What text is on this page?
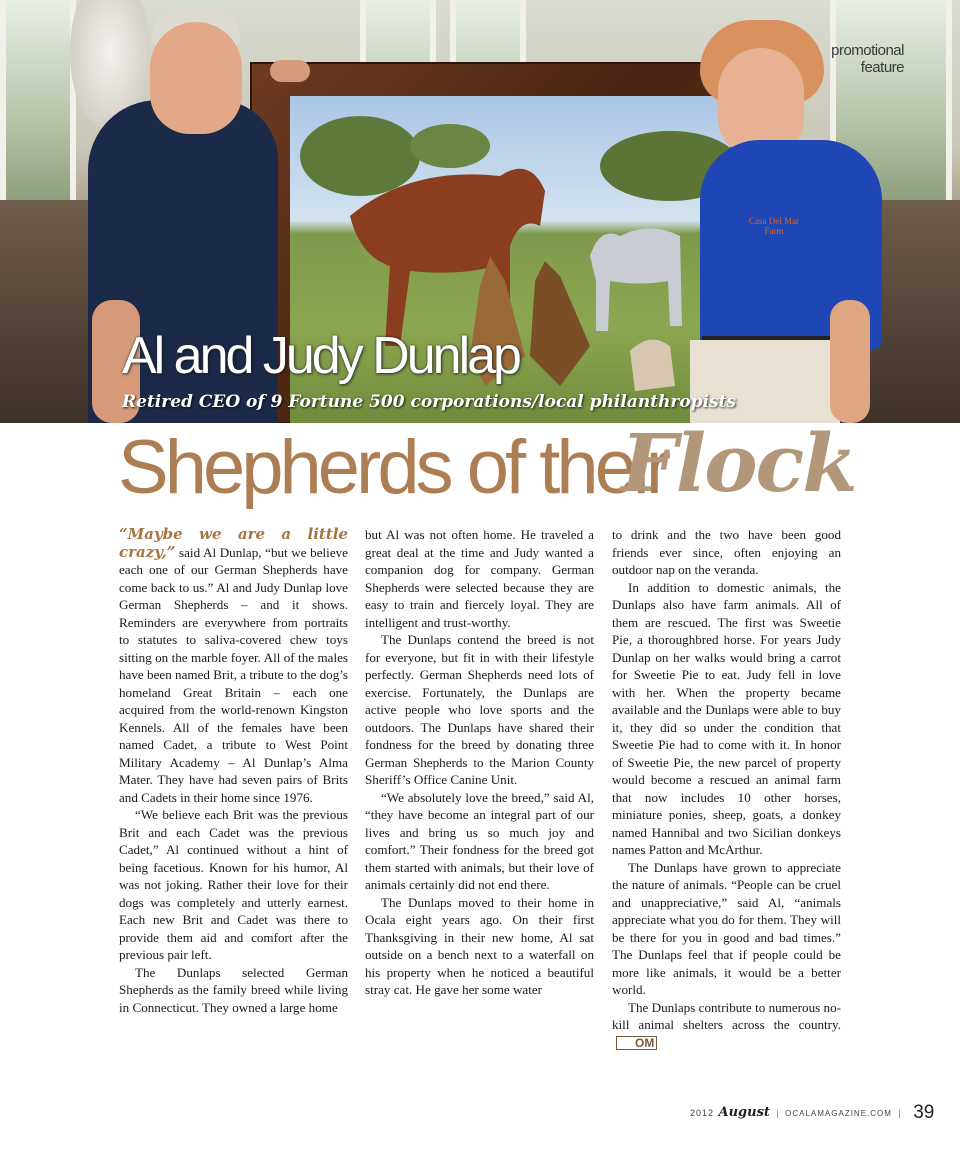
Casa Del Mar
Farm
promotional
feature
Al and Judy Dunlap
Retired CEO of 9 Fortune 500 corporations/local philanthropists
Shepherds of their
Flock

“Maybe we are a little crazy,” said Al Dunlap, “but we believe each one of our German Shepherds have come back to us.” Al and Judy Dunlap love German Shepherds – and it shows. Reminders are everywhere from portraits to statutes to saliva-covered chew toys sitting on the marble foyer. All of the males have been named Brit, a tribute to the dog’s homeland Great Britain – each one acquired from the world-renown Kingston Kennels. All of the females have been named Cadet, a tribute to West Point Military Academy – Al Dunlap’s Alma Mater. They have had seven pairs of Brits and Cadets in their home since 1976.

“We believe each Brit was the previous Brit and each Cadet was the previous Cadet,” Al continued without a hint of being facetious. Known for his humor, Al was not joking. Rather their love for their dogs was completely and utterly earnest. Each new Brit and Cadet was there to provide them aid and comfort after the previous pair left.

The Dunlaps selected German Shepherds as the family breed while living in Connecticut. They owned a large home

but Al was not often home. He traveled a great deal at the time and Judy wanted a companion dog for company. German Shepherds were selected because they are easy to train and fiercely loyal. They are intelligent and trust-worthy.

The Dunlaps contend the breed is not for everyone, but fit in with their lifestyle perfectly. German Shepherds need lots of exercise. Fortunately, the Dunlaps are active people who love sports and the outdoors. The Dunlaps have shared their fondness for the breed by donating three German Shepherds to the Marion County Sheriff’s Office Canine Unit.

“We absolutely love the breed,” said Al, “they have become an integral part of our lives and bring us so much joy and comfort.” Their fondness for the breed got them started with animals, but their love of animals certainly did not end there.

The Dunlaps moved to their home in Ocala eight years ago. On their first Thanksgiving in their new home, Al sat outside on a bench next to a waterfall on his property when he noticed a beautiful stray cat. He gave her some water

to drink and the two have been good friends ever since, often enjoying an outdoor nap on the veranda.

In addition to domestic animals, the Dunlaps also have farm animals. All of them are rescued. The first was Sweetie Pie, a thoroughbred horse. For years Judy Dunlap on her walks would bring a carrot for Sweetie Pie to eat. Judy fell in love with her. When the property became available and the Dunlaps were able to buy it, they did so under the condition that Sweetie Pie had to come with it. In honor of Sweetie Pie, the new parcel of property would become a rescued an animal farm that now includes 10 other horses, miniature ponies, sheep, goats, a donkey named Hannibal and two Sicilian donkeys names Patton and McArthur.

The Dunlaps have grown to appreciate the nature of animals. “People can be cruel and unappreciative,” said Al, “animals appreciate what you do for them. They will be there for you in good and bad times.” The Dunlaps feel that if people could be more like animals, it would be a better world.

The Dunlaps contribute to numerous no-kill animal shelters across the country.OM

2012 August | OCALAMAGAZINE.COM | 39
